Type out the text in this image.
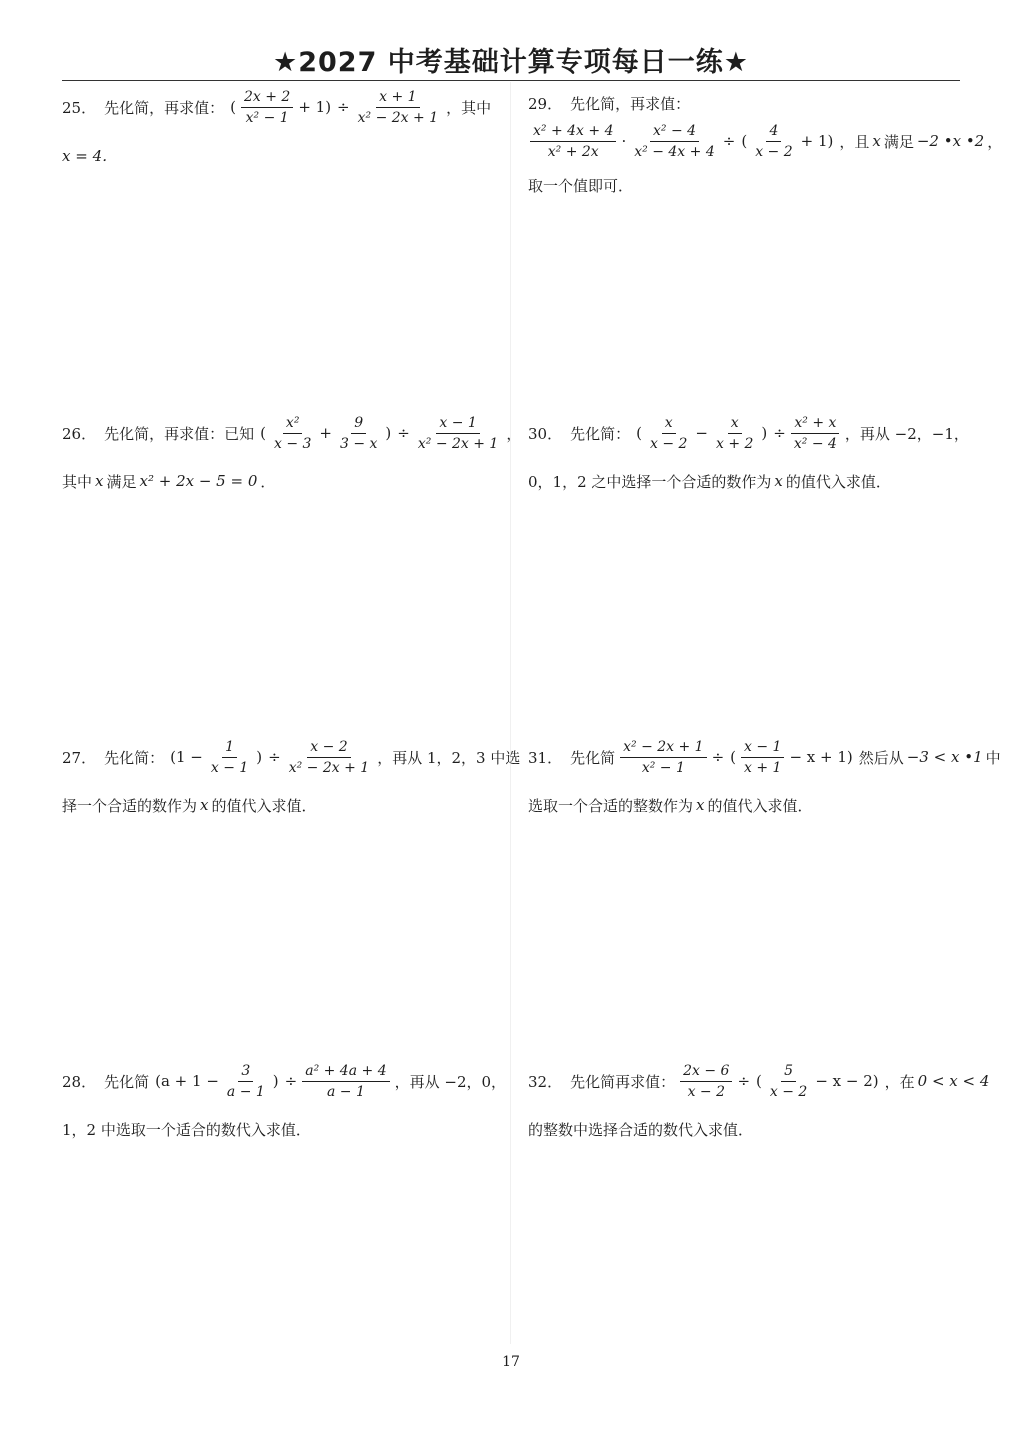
★2027 中考基础计算专项每日一练★
25． 先化简，再求值： ( $\frac{2x + 2}{\text{x² − 1}} + 1) \div \frac{x + 1}{\text{x² − 2x + 1}}$ ，其中
x = 4．
26． 先化简，再求值：已知 ( $\frac{\text{x²}}{x - 3} + \frac{9}{3 - x}$ ) ÷ $\frac{x - 1}{\text{x² − 2x + 1}}$ ，
其中 x 满足 x² + 2x − 5 = 0 ．
27． 先化简： ($1 - \frac{1}{x - 1}$ ) ÷ $\frac{x - 2}{\text{x² − 2x + 1}}$ ，再从 1，2，3 中选
择一个合适的数作为 x 的值代入求值．
28． 先化简 ($a + 1 - \frac{3}{a - 1}$ ) ÷ $\frac{\text{a² + 4a + 4}}{a - 1}$ ，再从 −2，0，
1，2 中选取一个适合的数代入求值．
29． 先化简，再求值：
$\frac{\text{x² + 4x + 4}}{\text{x² + 2x}} \cdot \frac{\text{x² − 4}}{\text{x² − 4x + 4}}$ ÷ ( $\frac{4}{x - 2} + 1$) ，且 x 满足 −2 •x •2 ，
取一个值即可．
30． 先化简： ( $\frac{x}{x - 2} - \frac{x}{x + 2}$ ) ÷ $\frac{\text{x² + x}}{\text{x² − 4}}$ ，再从 −2，−1，
0，1，2 之中选择一个合适的数作为 x 的值代入求值．
31． 先化简 $\frac{\text{x² − 2x + 1}}{\text{x² − 1}}$ ÷ ( $\frac{x - 1}{x + 1} - x + 1$) 然后从 −3 < x •1 中
选取一个合适的整数作为 x 的值代入求值．
32． 先化简再求值： $\frac{2x - 6}{x - 2}$ ÷ ( $\frac{5}{x - 2} - x - 2$) ，在 0 < x < 4
的整数中选择合适的数代入求值．
17
